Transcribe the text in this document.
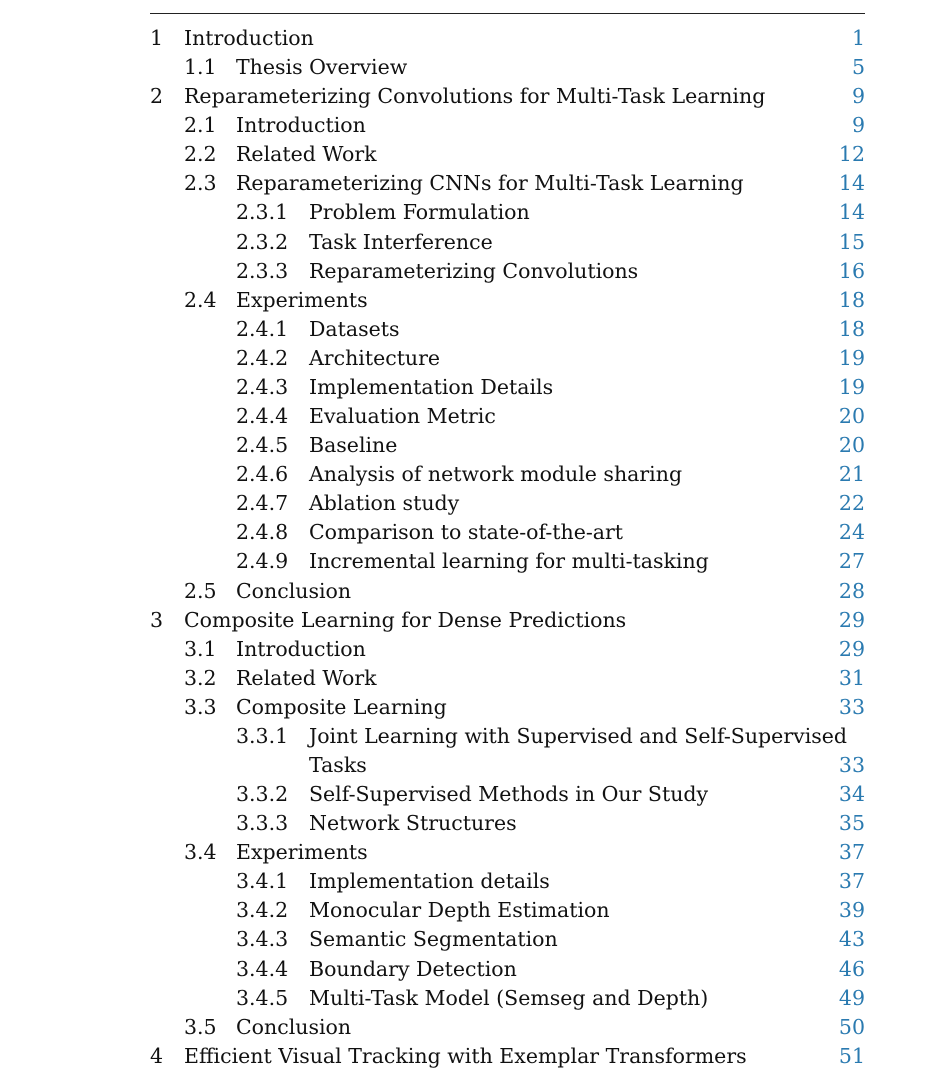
1 Introduction	1
1.1 Thesis Overview	5
2 Reparameterizing Convolutions for Multi-Task Learning	9
2.1 Introduction	9
2.2 Related Work	12
2.3 Reparameterizing CNNs for Multi-Task Learning	14
2.3.1 Problem Formulation	14
2.3.2 Task Interference	15
2.3.3 Reparameterizing Convolutions	16
2.4 Experiments	18
2.4.1 Datasets	18
2.4.2 Architecture	19
2.4.3 Implementation Details	19
2.4.4 Evaluation Metric	20
2.4.5 Baseline	20
2.4.6 Analysis of network module sharing	21
2.4.7 Ablation study	22
2.4.8 Comparison to state-of-the-art	24
2.4.9 Incremental learning for multi-tasking	27
2.5 Conclusion	28
3 Composite Learning for Dense Predictions	29
3.1 Introduction	29
3.2 Related Work	31
3.3 Composite Learning	33
3.3.1 Joint Learning with Supervised and Self-Supervised
Tasks	33
3.3.2 Self-Supervised Methods in Our Study	34
3.3.3 Network Structures	35
3.4 Experiments	37
3.4.1 Implementation details	37
3.4.2 Monocular Depth Estimation	39
3.4.3 Semantic Segmentation	43
3.4.4 Boundary Detection	46
3.4.5 Multi-Task Model (Semseg and Depth)	49
3.5 Conclusion	50
4 Efficient Visual Tracking with Exemplar Transformers	51
